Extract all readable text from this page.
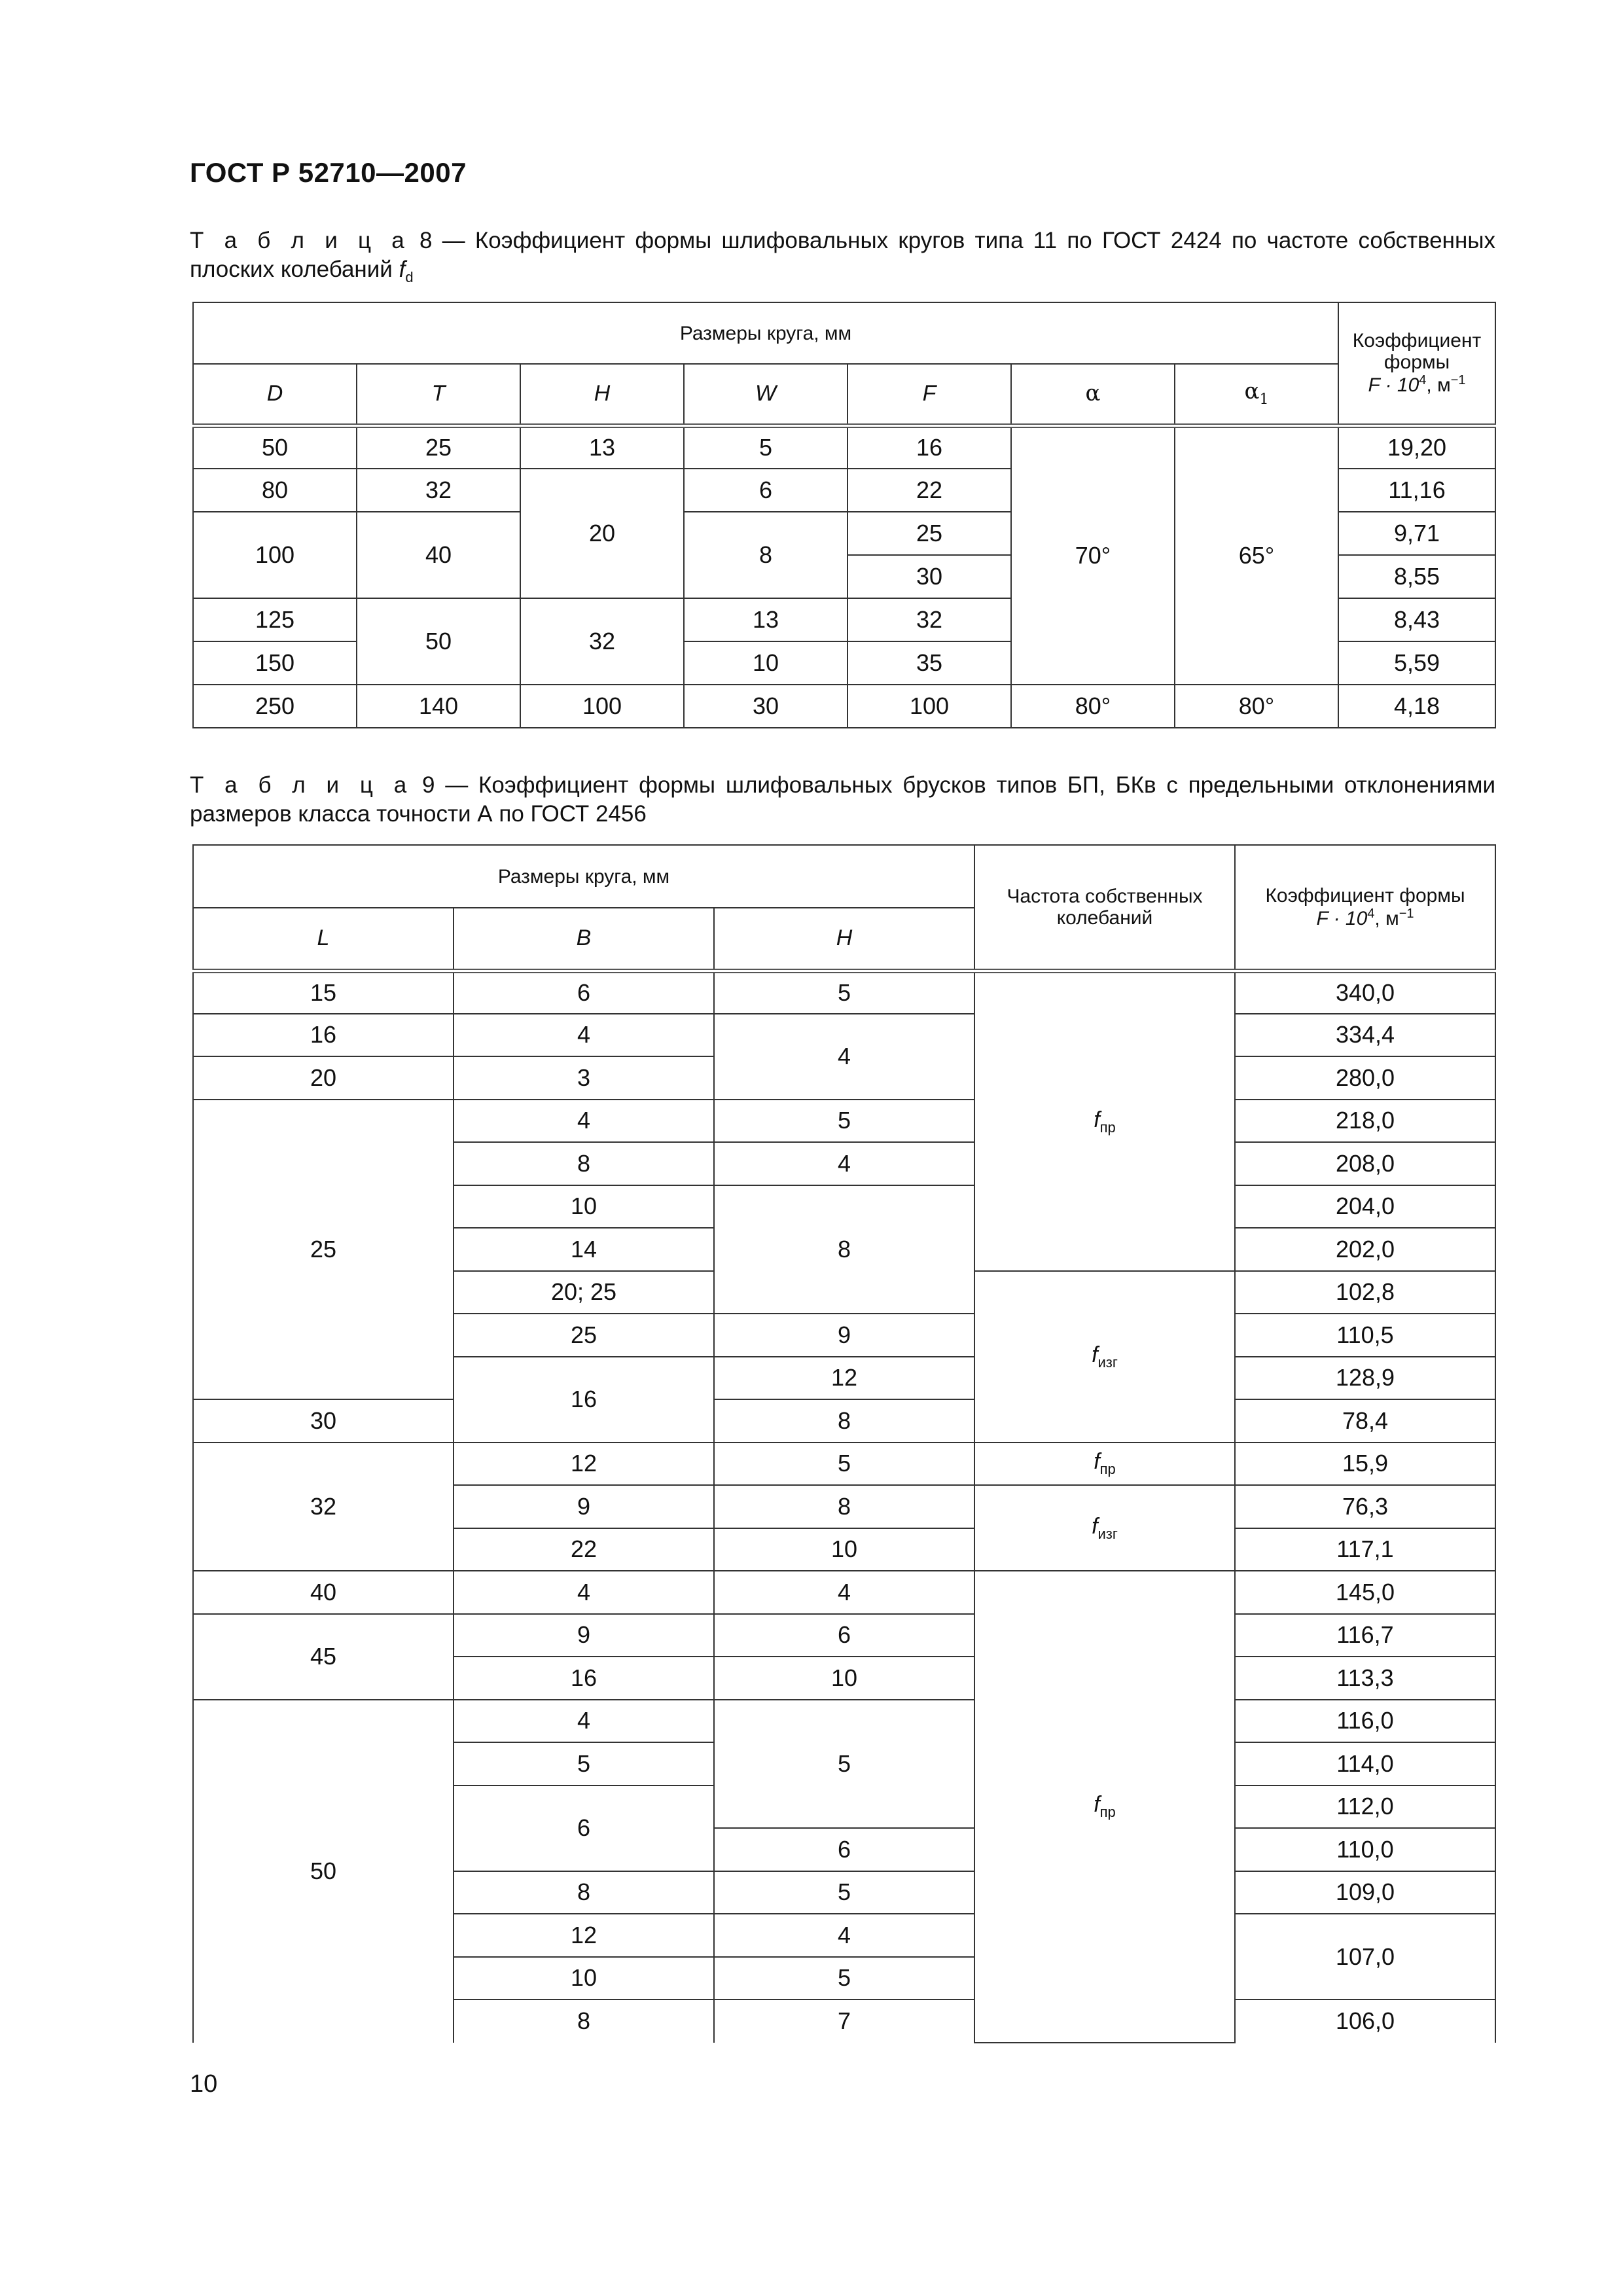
ГОСТ Р 52710—2007
Т а б л и ц а 8 — Коэффициент формы шлифовальных кругов типа 11 по ГОСТ 2424 по частоте собственных плоских колебаний $f_d$
Размеры круга, мм							Коэффициент
формы
$F \cdot 10^4$, $м^{-1}$
D	T	H	W	F	α	$\alpha_1$
50	25	13	5	16	70°	65°	19,20
80	32	20	6	22			11,16
100	40		8	25			9,71
				30			8,55
125	50	32	13	32			8,43
150			10	35			5,59
250	140	100	30	100	80°	80°	4,18
Т а б л и ц а 9 — Коэффициент формы шлифовальных брусков типов БП, БКв с предельными отклонениями размеров класса точности А по ГОСТ 2456
Размеры круга, мм			Частота собственных колебаний	Коэффициент формы
$F \cdot 10^4$, $м^{-1}$
L	B	H		
15	6	5	$f_{пр}$	340,0
16	4	4		334,4
20	3			280,0
25	4	5		218,0
	8	4		208,0
	10	8		204,0
	14			202,0
	20; 25		$f_{изг}$	102,8
	25	9		110,5
	16	12		128,9
30		8		78,4
32	12	5	$f_{пр}$	15,9
	9	8	$f_{изг}$	76,3
	22	10		117,1
40	4	4	$f_{пр}$	145,0
45	9	6		116,7
	16	10		113,3
50	4	5		116,0
	5			114,0
	6			112,0
		6		110,0
	8	5		109,0
	12	4		107,0
	10	5		
	8	7		106,0
10
